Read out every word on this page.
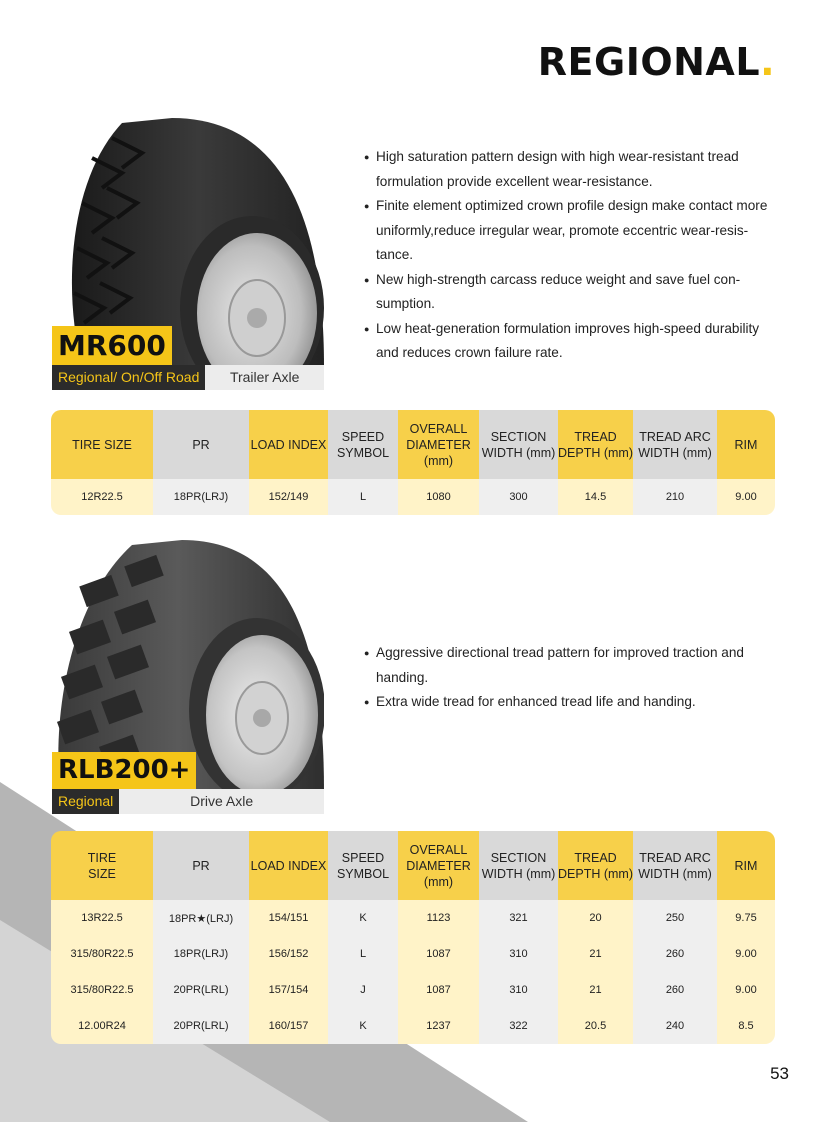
REGIONAL.
MR600
Regional/ On/Off Road	Trailer Axle
● High saturation pattern design with high wear-resistant tread formulation provide excellent wear-resistance.
● Finite element optimized crown profile design make contact more uniformly,reduce irregular wear, promote eccentric wear-resis-tance.
● New high-strength carcass reduce weight and save fuel con-sumption.
● Low heat-generation formulation improves high-speed durability and reduces crown failure rate.
TIRE SIZE	PR	LOAD INDEX	SPEED SYMBOL	OVERALL DIAMETER (mm)	SECTION WIDTH (mm)	TREAD DEPTH (mm)	TREAD ARC WIDTH (mm)	RIM
12R22.5	18PR(LRJ)	152/149	L	1080	300	14.5	210	9.00
RLB200+
Regional	Drive Axle
● Aggressive directional tread pattern for improved traction and handing.
● Extra wide tread for enhanced tread life and handing.
TIRE SIZE	PR	LOAD INDEX	SPEED SYMBOL	OVERALL DIAMETER (mm)	SECTION WIDTH (mm)	TREAD DEPTH (mm)	TREAD ARC WIDTH (mm)	RIM
13R22.5	18PR★(LRJ)	154/151	K	1123	321	20	250	9.75
315/80R22.5	18PR(LRJ)	156/152	L	1087	310	21	260	9.00
315/80R22.5	20PR(LRL)	157/154	J	1087	310	21	260	9.00
12.00R24	20PR(LRL)	160/157	K	1237	322	20.5	240	8.5
53
